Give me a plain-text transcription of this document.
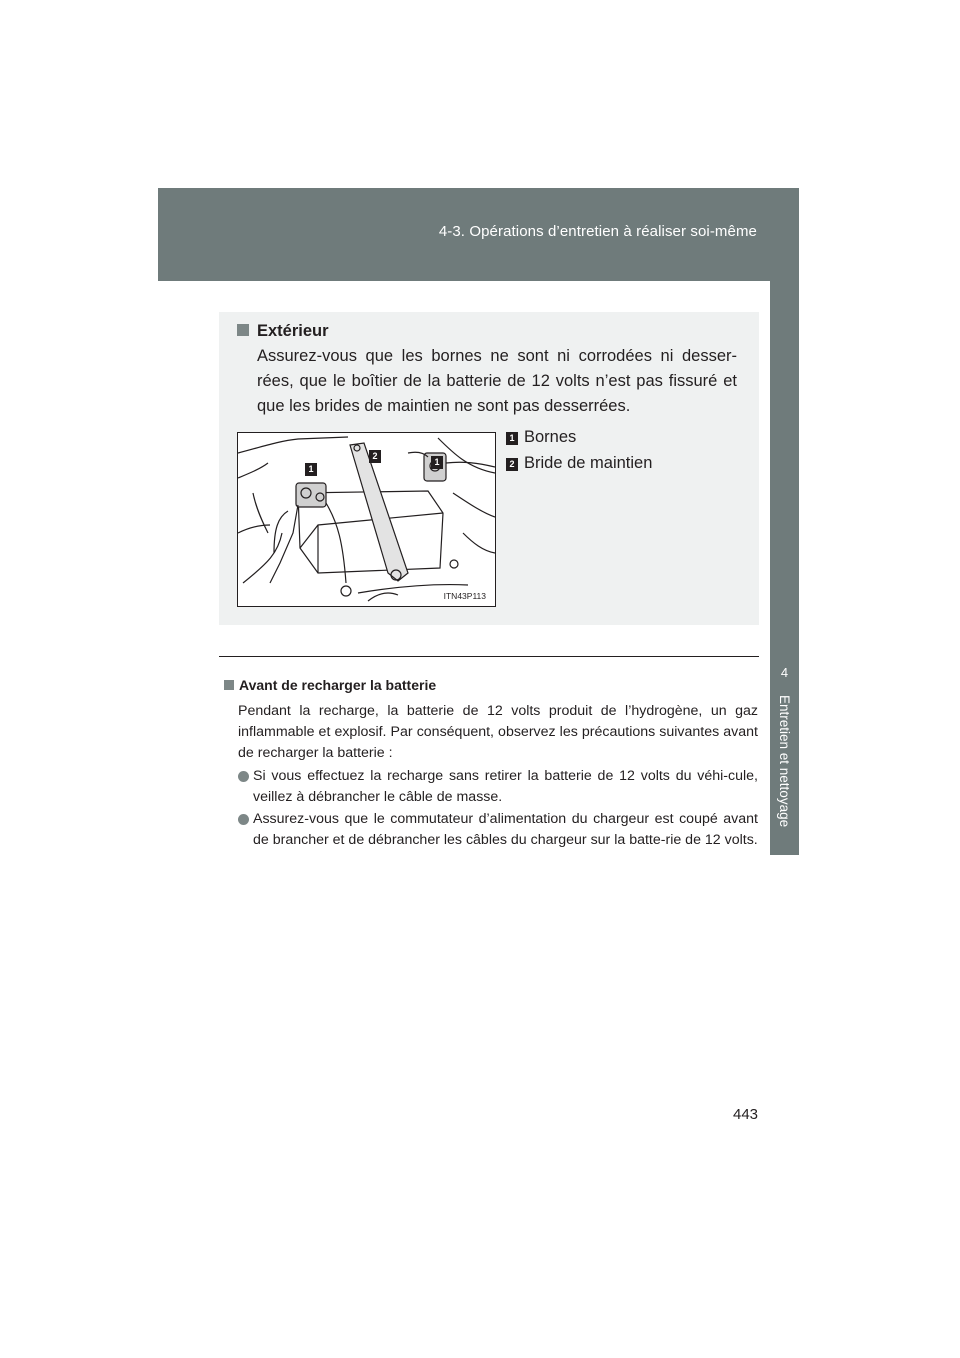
4-3. Opérations d’entretien à réaliser soi-même
4
Entretien et nettoyage
Extérieur
Assurez-vous que les bornes ne sont ni corrodées ni desser-rées, que le boîtier de la batterie de 12 volts n’est pas fissuré et que les brides de maintien ne sont pas desserrées.
1
2
1
ITN43P113
1 Bornes
2 Bride de maintien
Avant de recharger la batterie
Pendant la recharge, la batterie de 12 volts produit de l’hydrogène, un gaz inflammable et explosif. Par conséquent, observez les précautions suivantes avant de recharger la batterie :
Si vous effectuez la recharge sans retirer la batterie de 12 volts du véhi-cule, veillez à débrancher le câble de masse.
Assurez-vous que le commutateur d’alimentation du chargeur est coupé avant de brancher et de débrancher les câbles du chargeur sur la batte-rie de 12 volts.
443
